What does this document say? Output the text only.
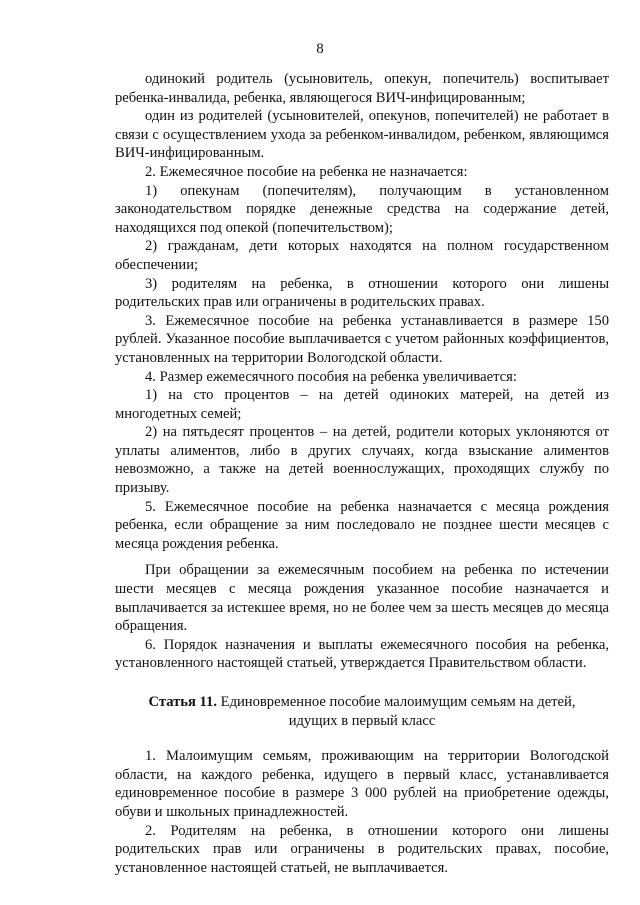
8

одинокий родитель (усыновитель, опекун, попечитель) воспитывает ребенка-инвалида, ребенка, являющегося ВИЧ-инфицированным;

один из родителей (усыновителей, опекунов, попечителей) не работает в связи с осуществлением ухода за ребенком-инвалидом, ребенком, являющимся ВИЧ-инфицированным.

2. Ежемесячное пособие на ребенка не назначается:

1) опекунам (попечителям), получающим в установленном законодательством порядке денежные средства на содержание детей, находящихся под опекой (попечительством);

2) гражданам, дети которых находятся на полном государственном обеспечении;

3) родителям на ребенка, в отношении которого они лишены родительских прав или ограничены в родительских правах.

3. Ежемесячное пособие на ребенка устанавливается в размере 150 рублей. Указанное пособие выплачивается с учетом районных коэффициентов, установленных на территории Вологодской области.

4. Размер ежемесячного пособия на ребенка увеличивается:

1) на сто процентов – на детей одиноких матерей, на детей из многодетных семей;

2) на пятьдесят процентов – на детей, родители которых уклоняются от уплаты алиментов, либо в других случаях, когда взыскание алиментов невозможно, а также на детей военнослужащих, проходящих службу по призыву.

5. Ежемесячное пособие на ребенка назначается с месяца рождения ребенка, если обращение за ним последовало не позднее шести месяцев с месяца рождения ребенка.

При обращении за ежемесячным пособием на ребенка по истечении шести месяцев с месяца рождения указанное пособие назначается и выплачивается за истекшее время, но не более чем за шесть месяцев до месяца обращения.

6. Порядок назначения и выплаты ежемесячного пособия на ребенка, установленного настоящей статьей, утверждается Правительством области.

Статья 11. Единовременное пособие малоимущим семьям на детей,
идущих в первый класс

1. Малоимущим семьям, проживающим на территории Вологодской области, на каждого ребенка, идущего в первый класс, устанавливается единовременное пособие в размере 3 000 рублей на приобретение одежды, обуви и школьных принадлежностей.

2. Родителям на ребенка, в отношении которого они лишены родительских прав или ограничены в родительских правах, пособие, установленное настоящей статьей, не выплачивается.
